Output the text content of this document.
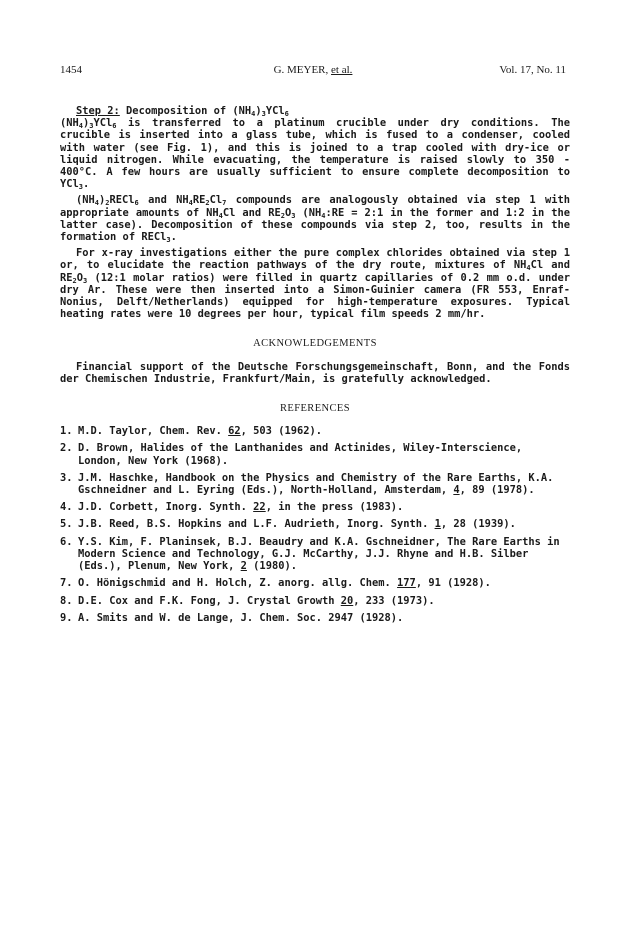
1454	G. MEYER, et al.	Vol. 17, No. 11

Step 2: Decomposition of $(NH_4)_3YCl_6$
$(NH_4)_3YCl_6$ is transferred to a platinum crucible under dry conditions. The crucible is inserted into a glass tube, which is fused to a condenser, cooled with water (see Fig. 1), and this is joined to a trap cooled with dry-ice or liquid nitrogen. While evacuating, the temperature is raised slowly to 350 - 400°C. A few hours are usually sufficient to ensure complete decomposition to YCl$_3$.

$(NH_4)_2RECl_6$ and $NH_4RE_2Cl_7$ compounds are analogously obtained via step 1 with appropriate amounts of $NH_4Cl$ and $RE_2O_3$ ($NH_4:RE$ = 2:1 in the former and 1:2 in the latter case). Decomposition of these compounds via step 2, too, results in the formation of RECl$_3$.

For x-ray investigations either the pure complex chlorides obtained via step 1 or, to elucidate the reaction pathways of the dry route, mixtures of $NH_4Cl$ and $RE_2O_3$ (12:1 molar ratios) were filled in quartz capillaries of 0.2 mm o.d. under dry Ar. These were then inserted into a Simon-Guinier camera (FR 553, Enraf-Nonius, Delft/Netherlands) equipped for high-temperature exposures. Typical heating rates were 10 degrees per hour, typical film speeds 2 mm/hr.

ACKNOWLEDGEMENTS

Financial support of the Deutsche Forschungsgemeinschaft, Bonn, and the Fonds der Chemischen Industrie, Frankfurt/Main, is gratefully acknowledged.

REFERENCES
1. M.D. Taylor, Chem. Rev. 62, 503 (1962).
2. D. Brown, Halides of the Lanthanides and Actinides, Wiley-Interscience, London, New York (1968).
3. J.M. Haschke, Handbook on the Physics and Chemistry of the Rare Earths, K.A. Gschneidner and L. Eyring (Eds.), North-Holland, Amsterdam, 4, 89 (1978).
4. J.D. Corbett, Inorg. Synth. 22, in the press (1983).
5. J.B. Reed, B.S. Hopkins and L.F. Audrieth, Inorg. Synth. 1, 28 (1939).
6. Y.S. Kim, F. Planinsek, B.J. Beaudry and K.A. Gschneidner, The Rare Earths in Modern Science and Technology, G.J. McCarthy, J.J. Rhyne and H.B. Silber (Eds.), Plenum, New York, 2 (1980).
7. O. Hönigschmid and H. Holch, Z. anorg. allg. Chem. 177, 91 (1928).
8. D.E. Cox and F.K. Fong, J. Crystal Growth 20, 233 (1973).
9. A. Smits and W. de Lange, J. Chem. Soc. 2947 (1928).
